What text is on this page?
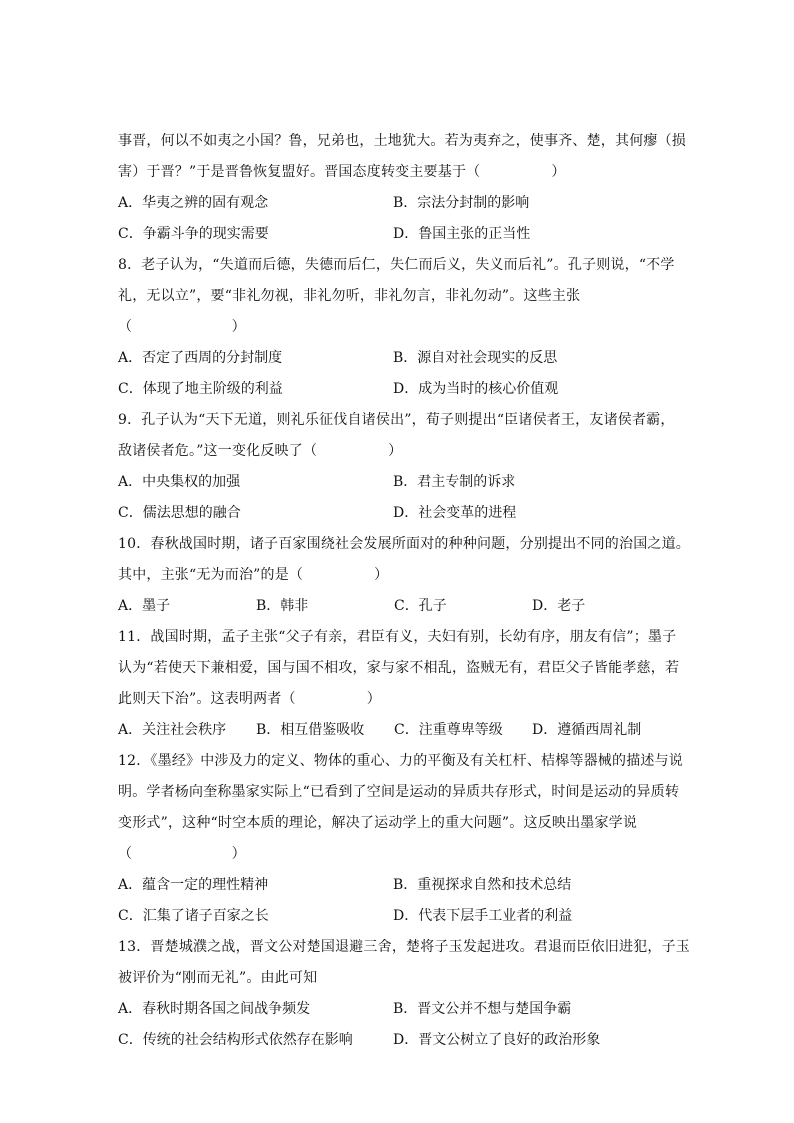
事晋，何以不如夷之小国？鲁，兄弟也，土地犹大。若为夷弃之，使事齐、楚，其何瘳（损
害）于晋？”于是晋鲁恢复盟好。晋国态度转变主要基于（　　　　　）
A．华夷之辨的固有观念	B．宗法分封制的影响
C．争霸斗争的现实需要	D．鲁国主张的正当性
8．老子认为，“失道而后德，失德而后仁，失仁而后义，失义而后礼”。孔子则说，“不学
礼，无以立”，要“非礼勿视，非礼勿听，非礼勿言，非礼勿动”。这些主张
（　　　　　　　）
A．否定了西周的分封制度	B．源自对社会现实的反思
C．体现了地主阶级的利益	D．成为当时的核心价值观
9．孔子认为“天下无道，则礼乐征伐自诸侯出”，荀子则提出“臣诸侯者王，友诸侯者霸，
敌诸侯者危。”这一变化反映了（　　　　　）
A．中央集权的加强	B．君主专制的诉求
C．儒法思想的融合	D．社会变革的进程
10．春秋战国时期，诸子百家围绕社会发展所面对的种种问题，分别提出不同的治国之道。
其中，主张“无为而治”的是（　　　　　）
A．墨子	B．韩非	C．孔子	D．老子
11．战国时期，孟子主张“父子有亲，君臣有义，夫妇有别，长幼有序，朋友有信”；墨子
认为“若使天下兼相爱，国与国不相攻，家与家不相乱，盗贼无有，君臣父子皆能孝慈，若
此则天下治”。这表明两者（　　　　　）
A．关注社会秩序	B．相互借鉴吸收	C．注重尊卑等级	D．遵循西周礼制
12．《墨经》中涉及力的定义、物体的重心、力的平衡及有关杠杆、桔槔等器械的描述与说
明。学者杨向奎称墨家实际上“已看到了空间是运动的异质共存形式，时间是运动的异质转
变形式”，这种“时空本质的理论，解决了运动学上的重大问题”。这反映出墨家学说
（　　　　　　　）
A．蕴含一定的理性精神	B．重视探求自然和技术总结
C．汇集了诸子百家之长	D．代表下层手工业者的利益
13．晋楚城濮之战，晋文公对楚国退避三舍，楚将子玉发起进攻。君退而臣依旧进犯，子玉
被评价为“刚而无礼”。由此可知
A．春秋时期各国之间战争频发	B．晋文公并不想与楚国争霸
C．传统的社会结构形式依然存在影响	D．晋文公树立了良好的政治形象
